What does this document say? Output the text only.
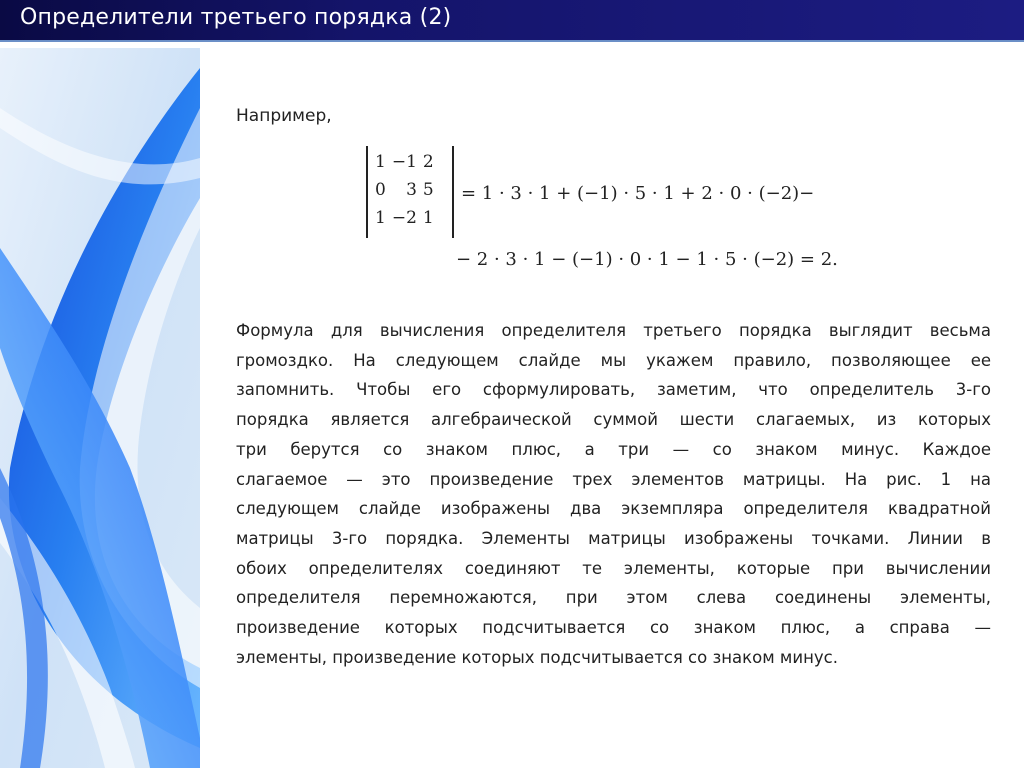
Определители третьего порядка (2)
Например,
1	−1	2
0	3	5
1	−2	1
= 1 · 3 · 1 + (−1) · 5 · 1 + 2 · 0 · (−2)−
− 2 · 3 · 1 − (−1) · 0 · 1 − 1 · 5 · (−2) = 2.
Формула для вычисления определителя третьего порядка выглядит весьма
громоздко. На следующем слайде мы укажем правило, позволяющее ее
запомнить. Чтобы его сформулировать, заметим, что определитель 3-го
порядка является алгебраической суммой шести слагаемых, из которых
три берутся со знаком плюс, а три — со знаком минус. Каждое
слагаемое — это произведение трех элементов матрицы. На рис. 1 на
следующем слайде изображены два экземпляра определителя квадратной
матрицы 3-го порядка. Элементы матрицы изображены точками. Линии в
обоих определителях соединяют те элементы, которые при вычислении
определителя перемножаются, при этом слева соединены элементы,
произведение которых подсчитывается со знаком плюс, а справа —
элементы, произведение которых подсчитывается со знаком минус.
